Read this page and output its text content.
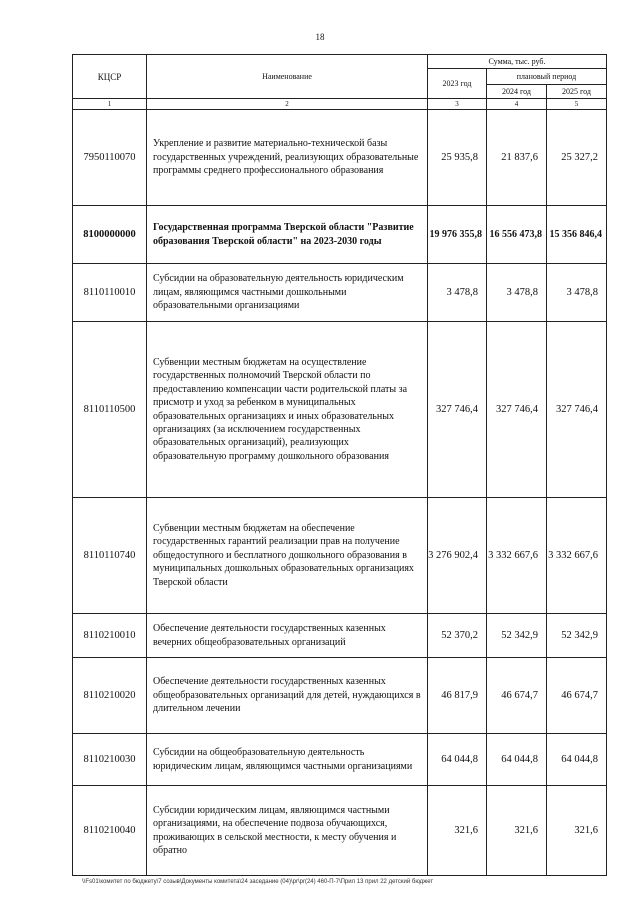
18
КЦСР	Наименование	Сумма, тыс. руб.		
		2023 год	плановый период	
			2024 год	2025 год
1	2	3	4	5
7950110070	Укрепление и развитие материально-технической базы государственных учреждений, реализующих образовательные программы среднего профессионального образования	25 935,8	21 837,6	25 327,2
8100000000	Государственная программа Тверской области "Развитие образования Тверской области" на 2023-2030 годы	19 976 355,8	16 556 473,8	15 356 846,4
8110110010	Субсидии на образовательную деятельность юридическим лицам, являющимся частными дошкольными образовательными организациями	3 478,8	3 478,8	3 478,8
8110110500	Субвенции местным бюджетам на осуществление государственных полномочий Тверской области по предоставлению компенсации части родительской платы за присмотр и уход за ребенком в муниципальных образовательных организациях и иных образовательных организациях (за исключением государственных образовательных организаций), реализующих образовательную программу дошкольного образования	327 746,4	327 746,4	327 746,4
8110110740	Субвенции местным бюджетам на обеспечение государственных гарантий реализации прав на получение общедоступного и бесплатного дошкольного образования в муниципальных дошкольных образовательных организациях Тверской области	3 276 902,4	3 332 667,6	3 332 667,6
8110210010	Обеспечение деятельности государственных казенных вечерних общеобразовательных организаций	52 370,2	52 342,9	52 342,9
8110210020	Обеспечение деятельности государственных казенных общеобразовательных организаций для детей, нуждающихся в длительном лечении	46 817,9	46 674,7	46 674,7
8110210030	Субсидии на общеобразовательную деятельность юридическим лицам, являющимся частными организациями	64 044,8	64 044,8	64 044,8
8110210040	Субсидии юридическим лицам, являющимся частными организациями, на обеспечение подвоза обучающихся, проживающих в сельской местности, к месту обучения и обратно	321,6	321,6	321,6
\\Fs01\комитет по бюджету\7 созыв\Документы комитета\24 заседание (04)\pr\pr(24) 460-П-7\Прил 13 прил 22 детский бюджет
